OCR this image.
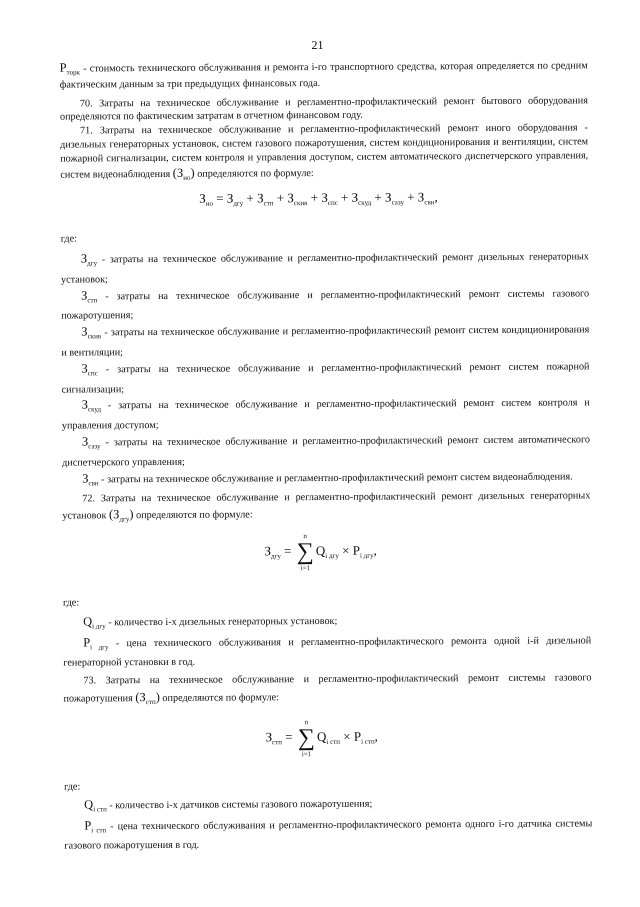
21
$P_{торк}$ - стоимость технического обслуживания и ремонта i-го транспортного средства, которая определяется по средним фактическим данным за три предыдущих финансовых года.
70. Затраты на техническое обслуживание и регламентно-профилактический ремонт бытового оборудования определяются по фактическим затратам в отчетном финансовом году.
71. Затраты на техническое обслуживание и регламентно-профилактический ремонт иного оборудования - дизельных генераторных установок, систем газового пожаротушения, систем кондиционирования и вентиляции, систем пожарной сигнализации, систем контроля и управления доступом, систем автоматического диспетчерского управления, систем видеонаблюдения $(З_{ио})$ определяются по формуле:
$З_{ио} = З_{дгу} + З_{стп} + З_{скив} + З_{спс} + З_{скуд} + З_{сазу} + З_{свн}$,
где:
$З_{дгу}$ - затраты на техническое обслуживание и регламентно-профилактический ремонт дизельных генераторных установок;
$З_{стп}$ - затраты на техническое обслуживание и регламентно-профилактический ремонт системы газового пожаротушения;
$З_{скив}$ - затраты на техническое обслуживание и регламентно-профилактический ремонт систем кондиционирования и вентиляции;
$З_{спс}$ - затраты на техническое обслуживание и регламентно-профилактический ремонт систем пожарной сигнализации;
$З_{скуд}$ - затраты на техническое обслуживание и регламентно-профилактический ремонт систем контроля и управления доступом;
$З_{сазу}$ - затраты на техническое обслуживание и регламентно-профилактический ремонт систем автоматического диспетчерского управления;
$З_{свн}$ - затраты на техническое обслуживание и регламентно-профилактический ремонт систем видеонаблюдения.
72. Затраты на техническое обслуживание и регламентно-профилактический ремонт дизельных генераторных установок $(З_{дгу})$ определяются по формуле:
$З_{дгу}$ =
n
∑
i=1
$Q_{i дгу} \times P_{i дгу}$,
где:
$Q_{i дгу}$ - количество i-х дизельных генераторных установок;
$P_{i дгу}$ - цена технического обслуживания и регламентно-профилактического ремонта одной i-й дизельной генераторной установки в год.
73. Затраты на техническое обслуживание и регламентно-профилактический ремонт системы газового пожаротушения $(З_{стп})$ определяются по формуле:
$З_{стп}$ =
n
∑
i=1
$Q_{i стп} \times P_{i стп}$,
где:
$Q_{i стп}$ - количество i-х датчиков системы газового пожаротушения;
$P_{i стп}$ - цена технического обслуживания и регламентно-профилактического ремонта одного i-го датчика системы газового пожаротушения в год.
